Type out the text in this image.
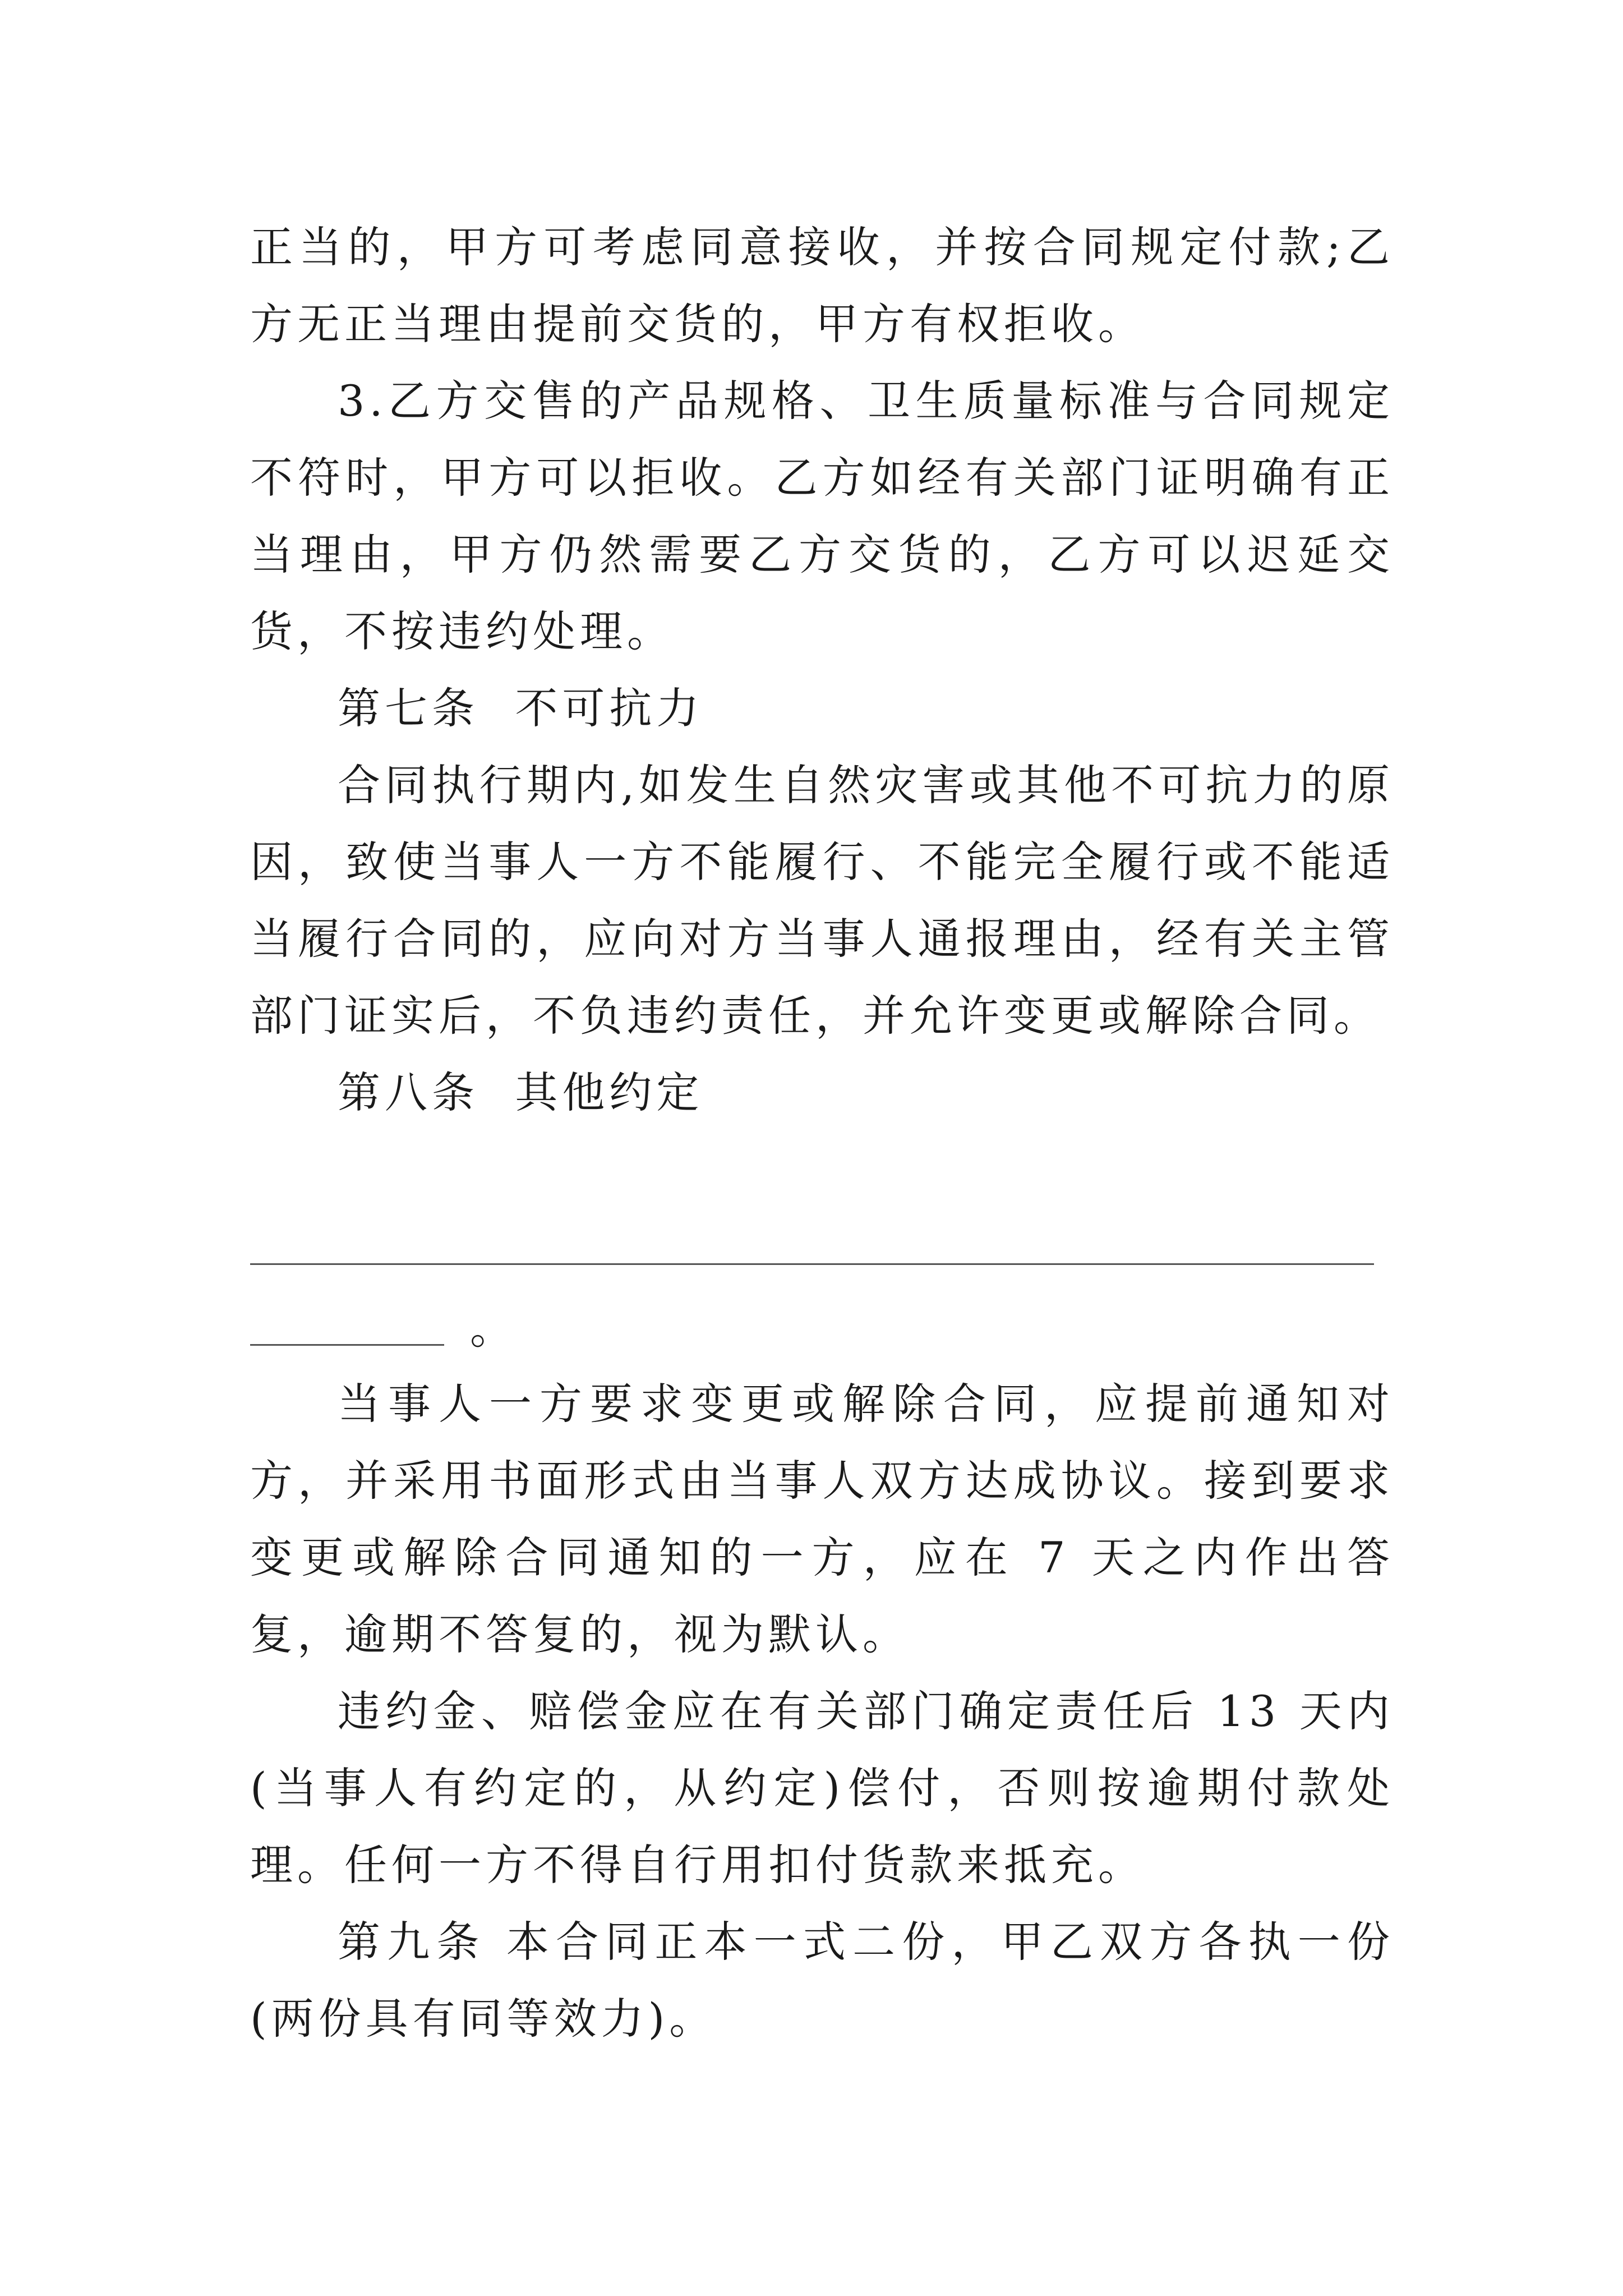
正当的，甲方可考虑同意接收，并按合同规定付款;乙方无正当理由提前交货的，甲方有权拒收。

3.乙方交售的产品规格、卫生质量标准与合同规定不符时，甲方可以拒收。乙方如经有关部门证明确有正当理由，甲方仍然需要乙方交货的，乙方可以迟延交货，不按违约处理。

第七条  不可抗力

合同执行期内,如发生自然灾害或其他不可抗力的原因，致使当事人一方不能履行、不能完全履行或不能适当履行合同的，应向对方当事人通报理由，经有关主管部门证实后，不负违约责任，并允许变更或解除合同。

第八条  其他约定

。

当事人一方要求变更或解除合同，应提前通知对方，并采用书面形式由当事人双方达成协议。接到要求变更或解除合同通知的一方，应在 7 天之内作出答复，逾期不答复的，视为默认。

违约金、赔偿金应在有关部门确定责任后 13 天内(当事人有约定的，从约定)偿付，否则按逾期付款处理。任何一方不得自行用扣付货款来抵充。

第九条 本合同正本一式二份，甲乙双方各执一份(两份具有同等效力)。
